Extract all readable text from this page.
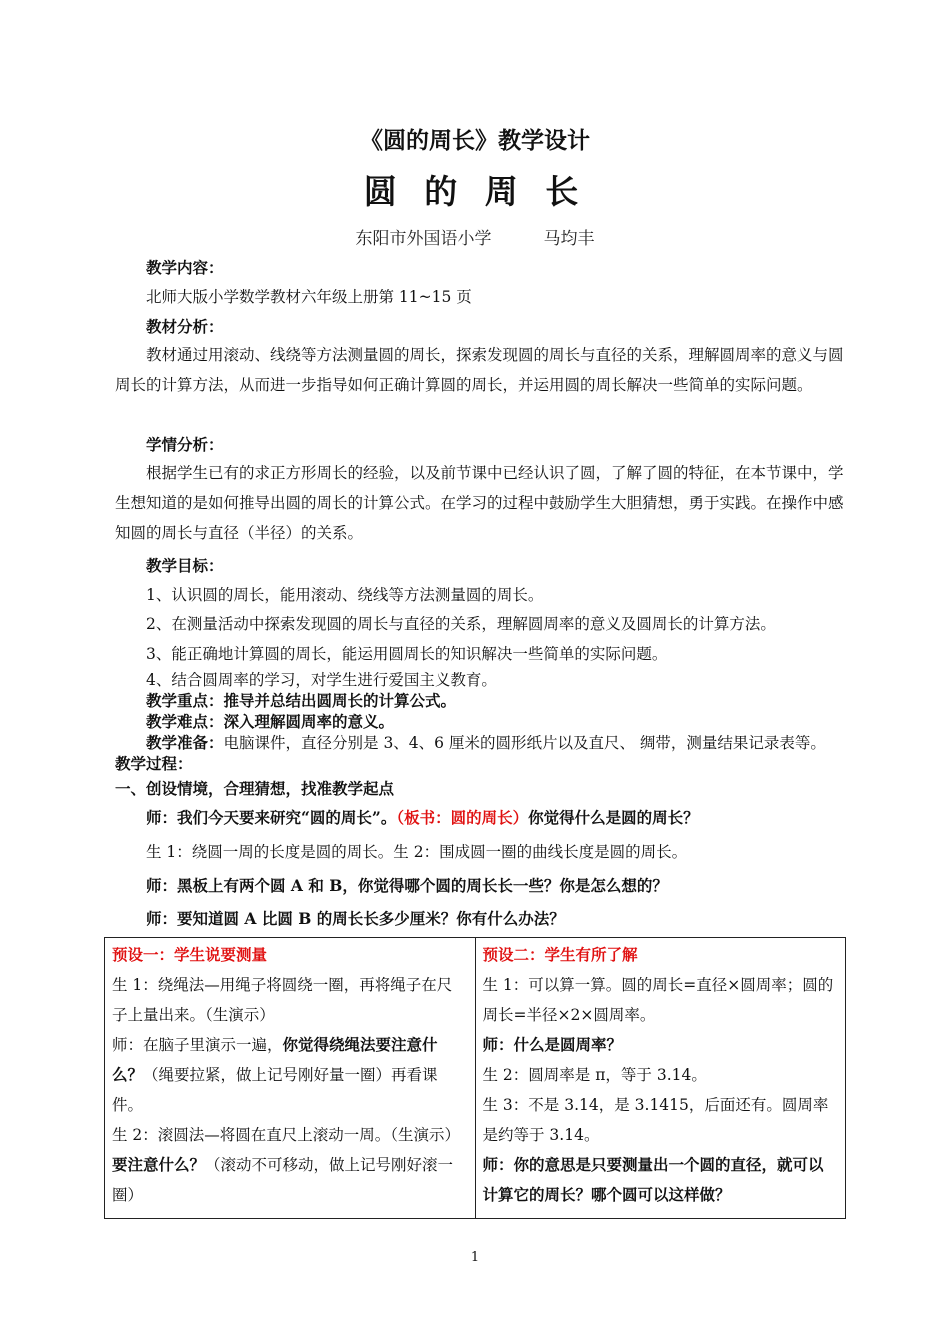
《圆的周长》教学设计
圆 的 周 长
东阳市外国语小学	马均丰
教学内容：
北师大版小学数学教材六年级上册第 11~15 页
教材分析：
教材通过用滚动、线绕等方法测量圆的周长，探索发现圆的周长与直径的关系，理解圆周率的意义与圆周长的计算方法，从而进一步指导如何正确计算圆的周长，并运用圆的周长解决一些简单的实际问题。
学情分析：
根据学生已有的求正方形周长的经验，以及前节课中已经认识了圆，了解了圆的特征，在本节课中，学生想知道的是如何推导出圆的周长的计算公式。在学习的过程中鼓励学生大胆猜想，勇于实践。在操作中感知圆的周长与直径（半径）的关系。
教学目标：
1、认识圆的周长，能用滚动、绕线等方法测量圆的周长。
2、在测量活动中探索发现圆的周长与直径的关系，理解圆周率的意义及圆周长的计算方法。
3、能正确地计算圆的周长，能运用圆周长的知识解决一些简单的实际问题。
4、结合圆周率的学习，对学生进行爱国主义教育。
教学重点：推导并总结出圆周长的计算公式。
教学难点：深入理解圆周率的意义。
教学准备：电脑课件，直径分别是 3、4、6 厘米的圆形纸片以及直尺、 绸带，测量结果记录表等。
教学过程：
一、创设情境，合理猜想，找准教学起点
师：我们今天要来研究“圆的周长”。（板书：圆的周长）你觉得什么是圆的周长？
生 1：绕圆一周的长度是圆的周长。生 2：围成圆一圈的曲线长度是圆的周长。
师：黑板上有两个圆 A 和 B，你觉得哪个圆的周长长一些？你是怎么想的？
师：要知道圆 A 比圆 B 的周长长多少厘米？你有什么办法？
预设一：学生说要测量
生 1：绕绳法—用绳子将圆绕一圈，再将绳子在尺子上量出来。（生演示）
师：在脑子里演示一遍，你觉得绕绳法要注意什么？（绳要拉紧，做上记号刚好量一圈）再看课件。
生 2：滚圆法—将圆在直尺上滚动一周。（生演示）要注意什么？（滚动不可移动，做上记号刚好滚一圈）

预设二：学生有所了解
生 1：可以算一算。圆的周长=直径×圆周率；圆的周长=半径×2×圆周率。
师：什么是圆周率？
生 2：圆周率是 π，等于 3.14。
生 3：不是 3.14，是 3.1415，后面还有。圆周率是约等于 3.14。
师：你的意思是只要测量出一个圆的直径，就可以计算它的周长？哪个圆可以这样做？
1
